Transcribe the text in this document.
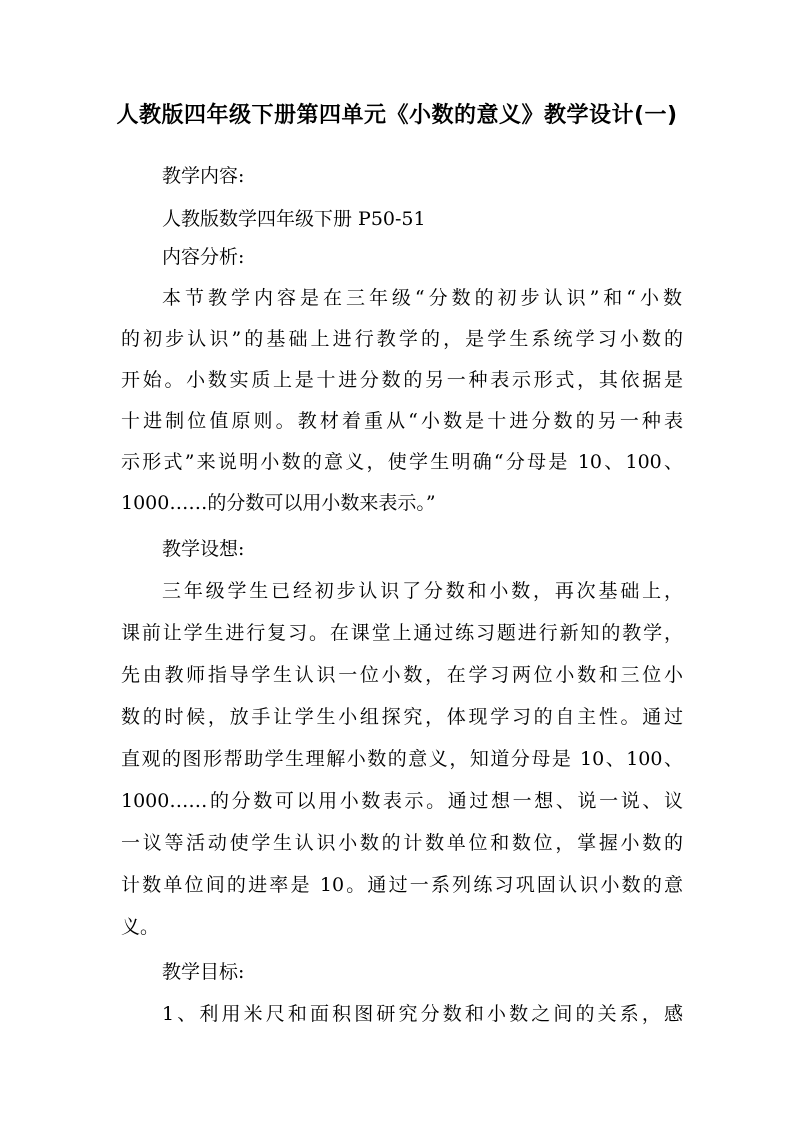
人教版四年级下册第四单元《小数的意义》教学设计(一)
教学内容:
人教版数学四年级下册 P50-51
内容分析:
本节教学内容是在三年级“分数的初步认识”和“小数
的初步认识”的基础上进行教学的，是学生系统学习小数的
开始。小数实质上是十进分数的另一种表示形式，其依据是
十进制位值原则。教材着重从“小数是十进分数的另一种表
示形式”来说明小数的意义，使学生明确“分母是 10、100、
1000……的分数可以用小数来表示。”
教学设想:
三年级学生已经初步认识了分数和小数，再次基础上，
课前让学生进行复习。在课堂上通过练习题进行新知的教学，
先由教师指导学生认识一位小数，在学习两位小数和三位小
数的时候，放手让学生小组探究，体现学习的自主性。通过
直观的图形帮助学生理解小数的意义，知道分母是 10、100、
1000……的分数可以用小数表示。通过想一想、说一说、议
一议等活动使学生认识小数的计数单位和数位，掌握小数的
计数单位间的进率是 10。通过一系列练习巩固认识小数的意
义。
教学目标:
1、利用米尺和面积图研究分数和小数之间的关系，感
